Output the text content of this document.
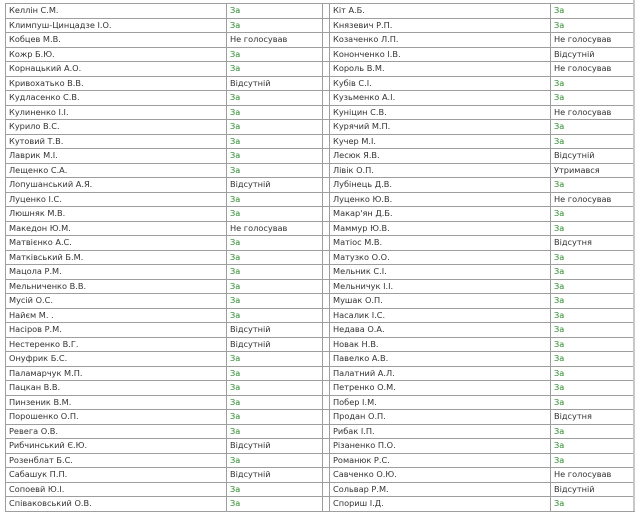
Келлін С.М.	За		Кіт А.Б.	За
Климпуш-Цинцадзе І.О.	За		Князевич Р.П.	За
Кобцев М.В.	Не голосував		Козаченко Л.П.	Не голосував
Кожр Б.Ю.	За		Кононченко І.В.	Відсутній
Корнацький А.О.	За		Король В.М.	Не голосував
Кривохатько В.В.	Відсутній		Кубів С.І.	За
Кудласенко С.В.	За		Кузьменко А.І.	За
Кулиненко І.І.	За		Куніцин С.В.	Не голосував
Курило В.С.	За		Курячий М.П.	За
Кутовий Т.В.	За		Кучер М.І.	За
Лаврик М.І.	За		Лесюк Я.В.	Відсутній
Лещенко С.А.	За		Лівік О.П.	Утримався
Лопушанський А.Я.	Відсутній		Лубінець Д.В.	За
Луценко І.С.	За		Луценко Ю.В.	Не голосував
Люшняк М.В.	За		Макар'ян Д.Б.	За
Македон Ю.М.	Не голосував		Маммур Ю.В.	За
Матвієнко А.С.	За		Матіос М.В.	Відсутня
Матківський Б.М.	За		Матузко О.О.	За
Мацола Р.М.	За		Мельник С.І.	За
Мельниченко В.В.	За		Мельничук І.І.	За
Мусій О.С.	За		Мушак О.П.	За
Найєм М. .	За		Насалик І.С.	За
Насіров Р.М.	Відсутній		Недава О.А.	За
Нестеренко В.Г.	Відсутній		Новак Н.В.	За
Онуфрик Б.С.	За		Павелко А.В.	За
Паламарчук М.П.	За		Палатний А.Л.	За
Пацкан В.В.	За		Петренко О.М.	За
Пинзеник В.М.	За		Побер І.М.	За
Порошенко О.П.	За		Продан О.П.	Відсутня
Ревега О.В.	За		Рибак І.П.	За
Рибчинський Є.Ю.	Відсутній		Різаненко П.О.	За
Розенблат Б.С.	За		Романюк Р.С.	За
Сабашук П.П.	Відсутній		Савченко О.Ю.	Не голосував
Сопоевй Ю.І.	За		Сольвар Р.М.	Відсутній
Співаковський О.В.	За		Спориш І.Д.	За
